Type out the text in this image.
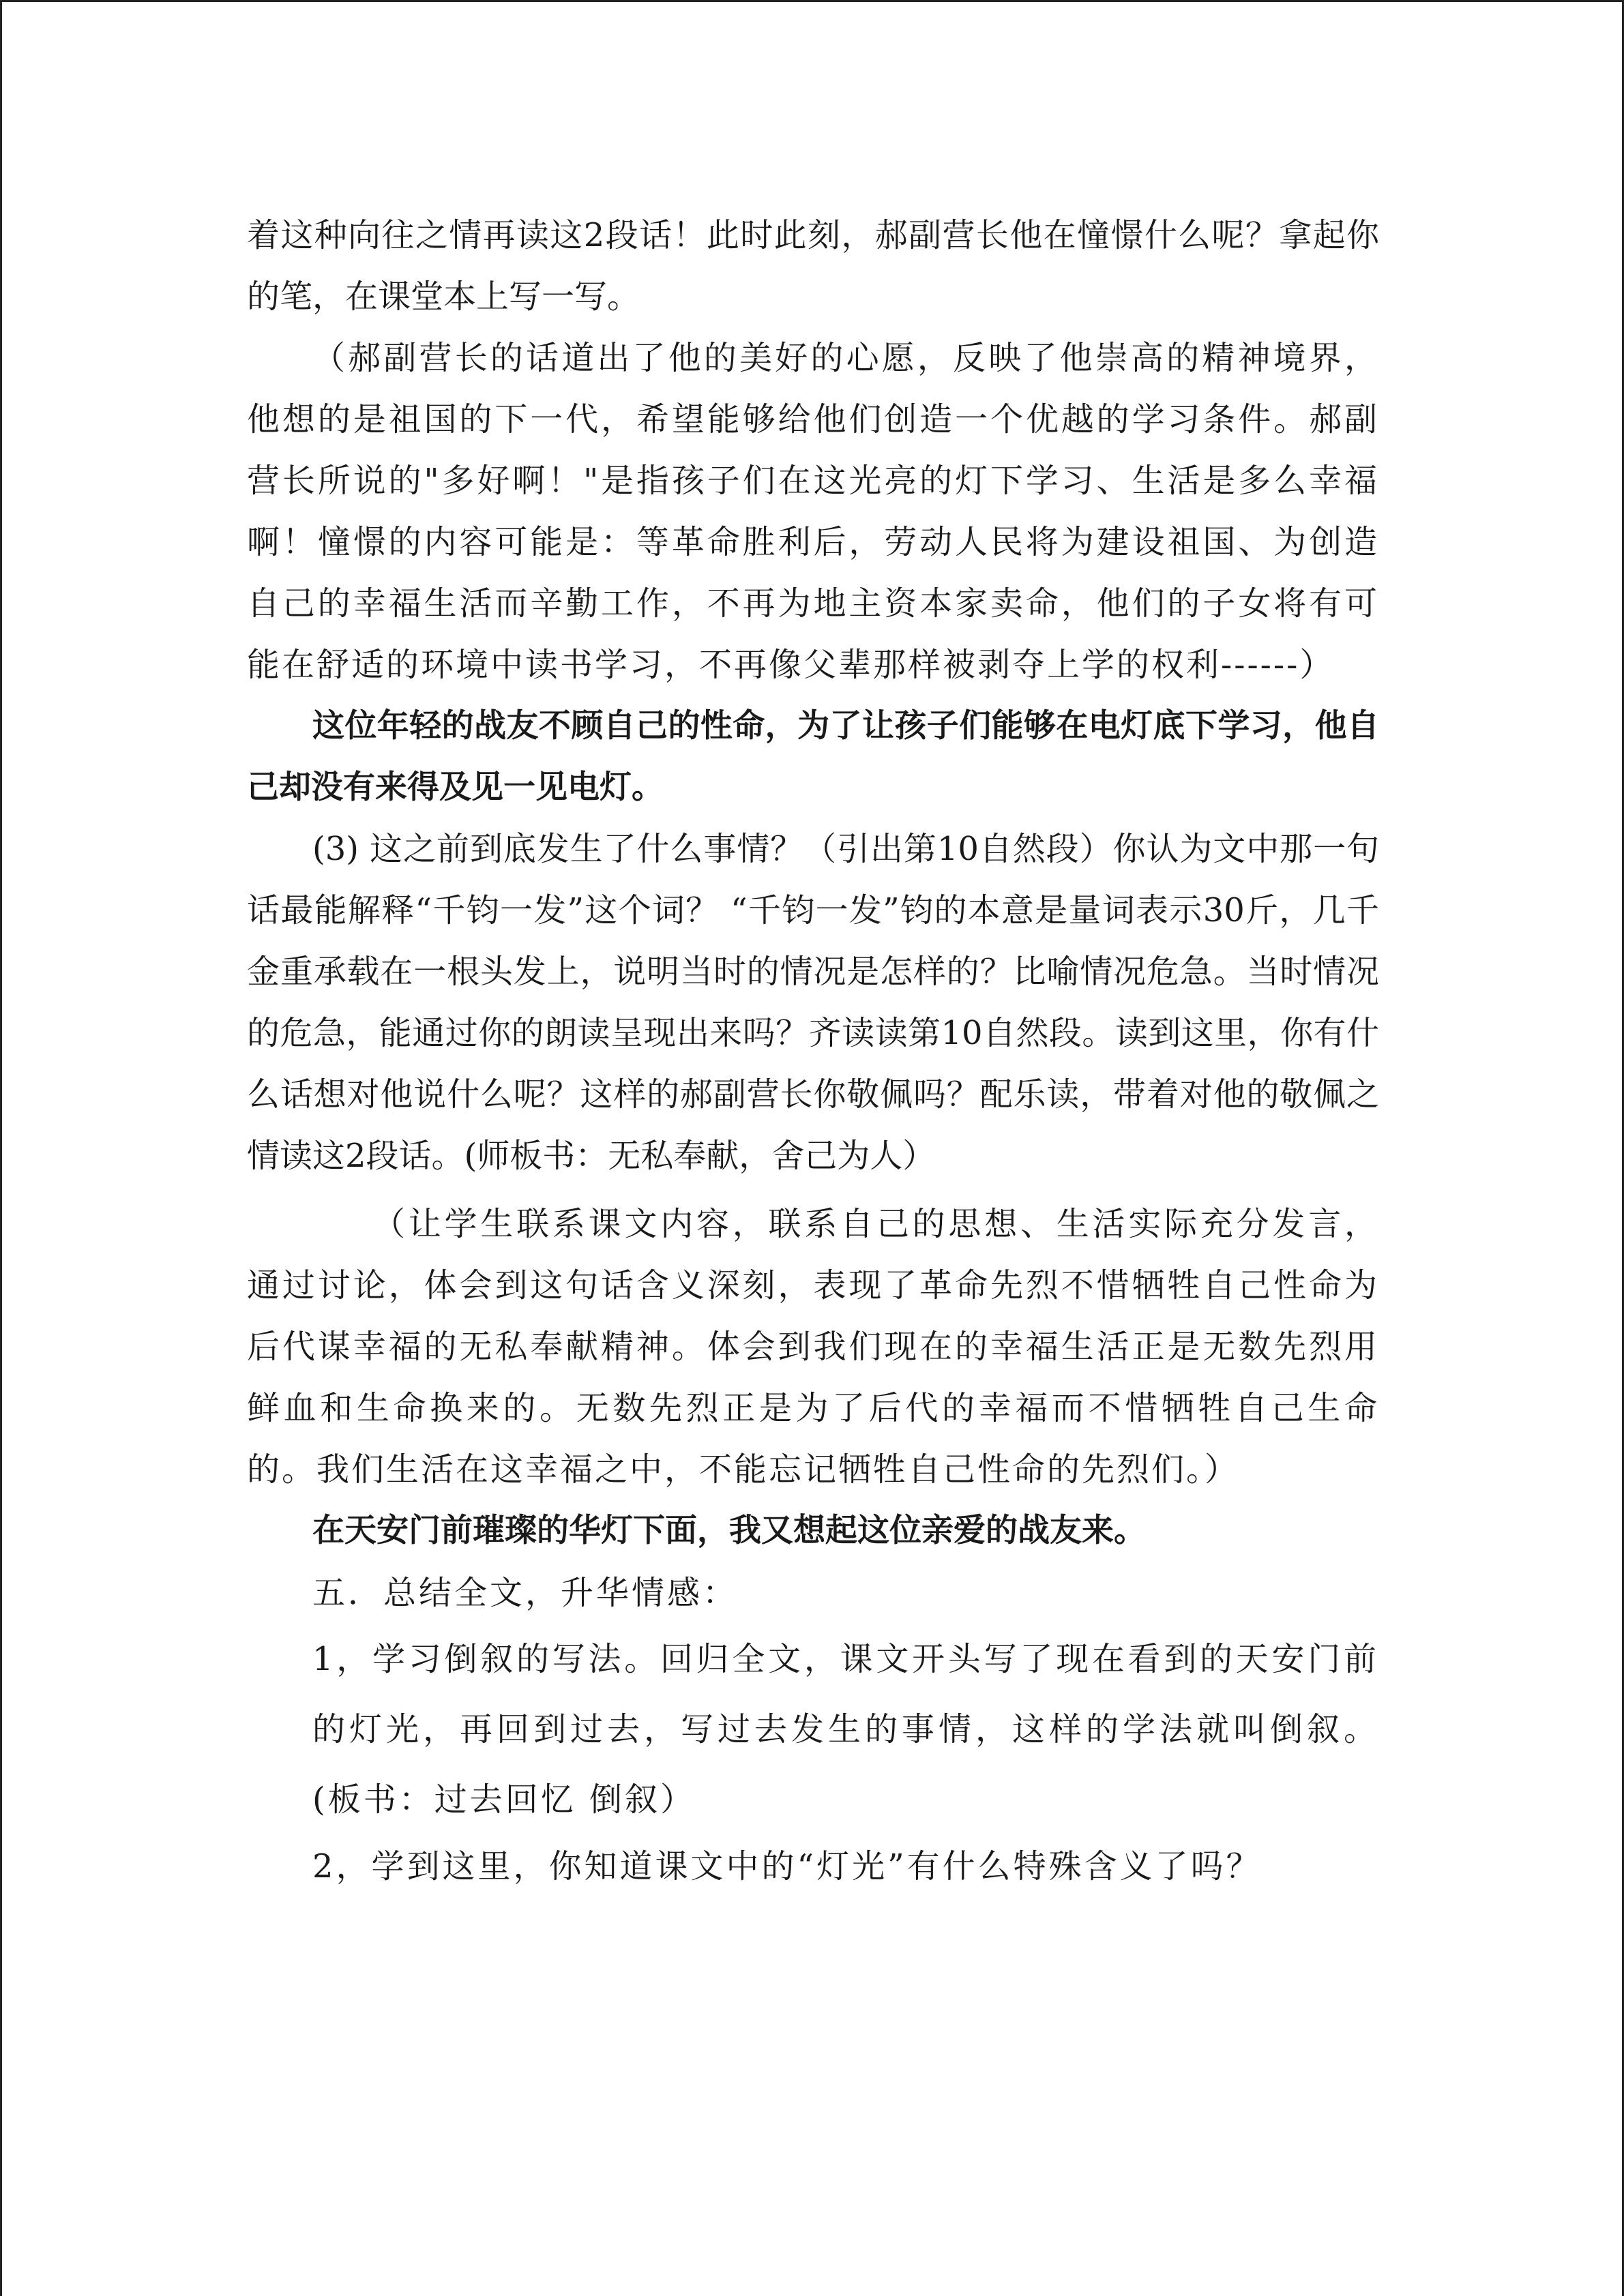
着这种向往之情再读这2段话！此时此刻，郝副营长他在憧憬什么呢？拿起你的笔，在课堂本上写一写。

（郝副营长的话道出了他的美好的心愿，反映了他崇高的精神境界，他想的是祖国的下一代，希望能够给他们创造一个优越的学习条件。郝副营长所说的"多好啊！"是指孩子们在这光亮的灯下学习、生活是多么幸福啊！憧憬的内容可能是：等革命胜利后，劳动人民将为建设祖国、为创造自己的幸福生活而辛勤工作，不再为地主资本家卖命，他们的子女将有可能在舒适的环境中读书学习，不再像父辈那样被剥夺上学的权利------）

这位年轻的战友不顾自己的性命，为了让孩子们能够在电灯底下学习，他自己却没有来得及见一见电灯。

(3) 这之前到底发生了什么事情？（引出第10自然段）你认为文中那一句话最能解释“千钧一发”这个词？ “千钧一发”钧的本意是量词表示30斤，几千金重承载在一根头发上，说明当时的情况是怎样的？比喻情况危急。当时情况的危急，能通过你的朗读呈现出来吗？齐读读第10自然段。读到这里，你有什么话想对他说什么呢？这样的郝副营长你敬佩吗？配乐读，带着对他的敬佩之情读这2段话。(师板书：无私奉献，舍己为人）

（让学生联系课文内容，联系自己的思想、生活实际充分发言，通过讨论，体会到这句话含义深刻，表现了革命先烈不惜牺牲自己性命为后代谋幸福的无私奉献精神。体会到我们现在的幸福生活正是无数先烈用鲜血和生命换来的。无数先烈正是为了后代的幸福而不惜牺牲自己生命的。我们生活在这幸福之中，不能忘记牺牲自己性命的先烈们。）

在天安门前璀璨的华灯下面，我又想起这位亲爱的战友来。

五．总结全文，升华情感：

1，学习倒叙的写法。回归全文，课文开头写了现在看到的天安门前的灯光，再回到过去，写过去发生的事情，这样的学法就叫倒叙。(板书：过去回忆 倒叙）

2，学到这里，你知道课文中的“灯光”有什么特殊含义了吗？
